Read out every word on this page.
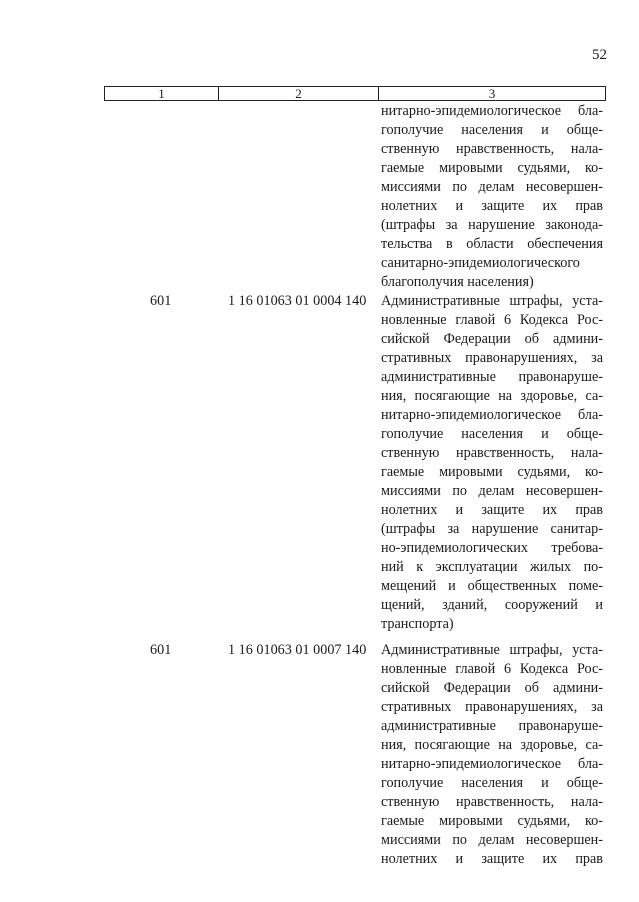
52
1	2	3
нитарно-эпидемиологическое бла-
гополучие населения и обще-
ственную нравственность, нала-
гаемые мировыми судьями, ко-
миссиями по делам несовершен-
нолетних и защите их прав
(штрафы за нарушение законода-
тельства в области обеспечения
санитарно-эпидемиологического
благополучия населения)
601	1 16 01063 01 0004 140 Административные штрафы, уста-
новленные главой 6 Кодекса Рос-
сийской Федерации об админи-
стративных правонарушениях, за
административные правонаруше-
ния, посягающие на здоровье, са-
нитарно-эпидемиологическое бла-
гополучие населения и обще-
ственную нравственность, нала-
гаемые мировыми судьями, ко-
миссиями по делам несовершен-
нолетних и защите их прав
(штрафы за нарушение санитар-
но-эпидемиологических требова-
ний к эксплуатации жилых по-
мещений и общественных поме-
щений, зданий, сооружений и
транспорта)
601	1 16 01063 01 0007 140 Административные штрафы, уста-
новленные главой 6 Кодекса Рос-
сийской Федерации об админи-
стративных правонарушениях, за
административные правонаруше-
ния, посягающие на здоровье, са-
нитарно-эпидемиологическое бла-
гополучие населения и обще-
ственную нравственность, нала-
гаемые мировыми судьями, ко-
миссиями по делам несовершен-
нолетних и защите их прав
